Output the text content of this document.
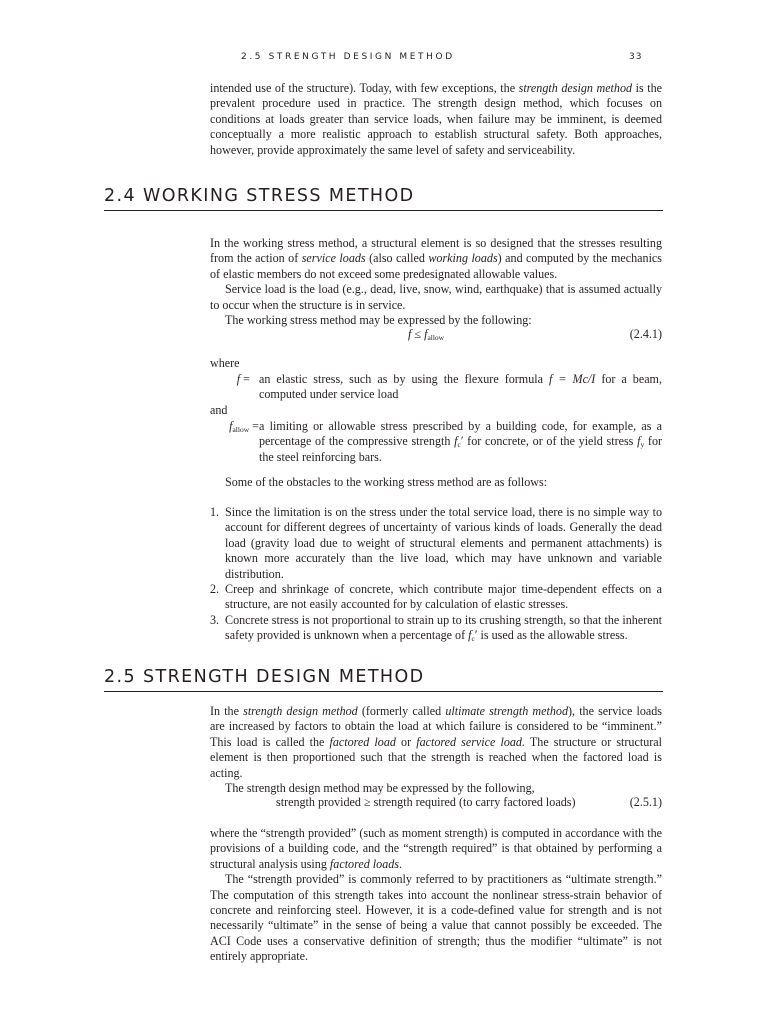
2.5 STRENGTH DESIGN METHOD	33

intended use of the structure). Today, with few exceptions, the strength design method is the prevalent procedure used in practice. The strength design method, which focuses on conditions at loads greater than service loads, when failure may be imminent, is deemed conceptually a more realistic approach to establish structural safety. Both approaches, however, provide approximately the same level of safety and serviceability.

2.4 WORKING STRESS METHOD

In the working stress method, a structural element is so designed that the stresses resulting from the action of service loads (also called working loads) and computed by the mechanics of elastic members do not exceed some predesignated allowable values.

Service load is the load (e.g., dead, live, snow, wind, earthquake) that is assumed actually to occur when the structure is in service.

The working stress method may be expressed by the following:

$f \le f_{allow}$	(2.4.1)
where
f = an elastic stress, such as by using the flexure formula f = Mc/I for a beam, computed under service load
and
$f_{allow} = a$ limiting or allowable stress prescribed by a building code, for example, as a percentage of the compressive strength $f_c'$ for concrete, or of the yield stress $f_y$ for the steel reinforcing bars.
Some of the obstacles to the working stress method are as follows:
1. Since the limitation is on the stress under the total service load, there is no simple way to account for different degrees of uncertainty of various kinds of loads. Generally the dead load (gravity load due to weight of structural elements and permanent attachments) is known more accurately than the live load, which may have unknown and variable distribution.
2. Creep and shrinkage of concrete, which contribute major time-dependent effects on a structure, are not easily accounted for by calculation of elastic stresses.
3. Concrete stress is not proportional to strain up to its crushing strength, so that the inherent safety provided is unknown when a percentage of $f_c'$ is used as the allowable stress.
2.5 STRENGTH DESIGN METHOD

In the strength design method (formerly called ultimate strength method), the service loads are increased by factors to obtain the load at which failure is considered to be “imminent.” This load is called the factored load or factored service load. The structure or structural element is then proportioned such that the strength is reached when the factored load is acting.

The strength design method may be expressed by the following,

strength provided ≥ strength required (to carry factored loads)	(2.5.1)

where the “strength provided” (such as moment strength) is computed in accordance with the provisions of a building code, and the “strength required” is that obtained by performing a structural analysis using factored loads.

The “strength provided” is commonly referred to by practitioners as “ultimate strength.” The computation of this strength takes into account the nonlinear stress-strain behavior of concrete and reinforcing steel. However, it is a code-defined value for strength and is not necessarily “ultimate” in the sense of being a value that cannot possibly be exceeded. The ACI Code uses a conservative definition of strength; thus the modifier “ultimate” is not entirely appropriate.
